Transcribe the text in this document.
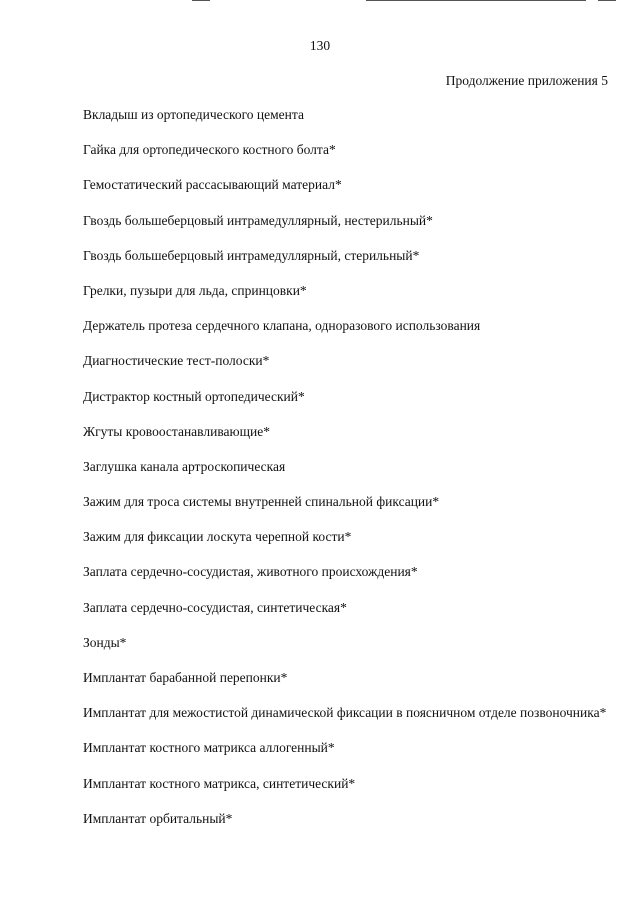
130
Продолжение приложения 5
Вкладыш из ортопедического цемента
Гайка для ортопедического костного болта*
Гемостатический рассасывающий материал*
Гвоздь большеберцовый интрамедуллярный, нестерильный*
Гвоздь большеберцовый интрамедуллярный, стерильный*
Грелки, пузыри для льда, спринцовки*
Держатель протеза сердечного клапана, одноразового использования
Диагностические тест-полоски*
Дистрактор костный ортопедический*
Жгуты кровоостанавливающие*
Заглушка канала артроскопическая
Зажим для троса системы внутренней спинальной фиксации*
Зажим для фиксации лоскута черепной кости*
Заплата сердечно-сосудистая, животного происхождения*
Заплата сердечно-сосудистая, синтетическая*
Зонды*
Имплантат барабанной перепонки*
Имплантат для межостистой динамической фиксации в поясничном отделе позвоночника*
Имплантат костного матрикса аллогенный*
Имплантат костного матрикса, синтетический*
Имплантат орбитальный*
